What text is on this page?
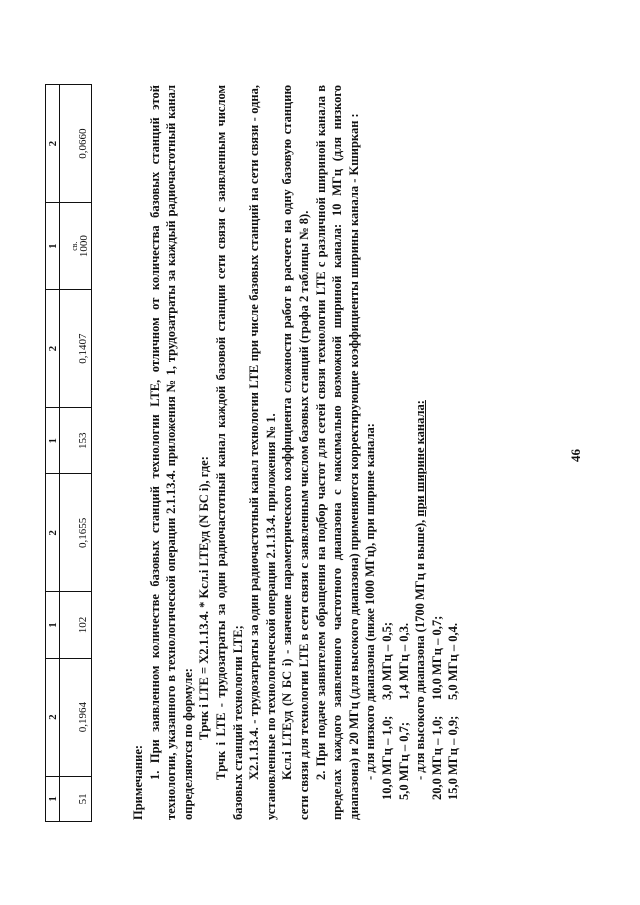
46
1	2	1	2	1	2	1	2
51	0,1964	102	0,1655	153	0,1407	св. 1000	0,0660

Примечание:

1. При заявленном количестве базовых станций технологии LTE, отличном от количества базовых станций этой технологии, указанного в технологической операции 2.1.13.4. приложения № 1, трудозатраты за каждый радиочастотный канал определяются по формуле:

Tрчк i LTE = X2.1.13.4. * Kcл.i LTEуд (N БС i), где: Tрчк i LTE - трудозатраты за один радиочастотный канал каждой базовой станции сети связи с заявленным числом базовых станций технологии LTE; X2.1.13.4. - трудозатраты за один радиочастотный канал технологии LTE при числе базовых станций на сети связи - одна, установленные по технологической операции 2.1.13.4. приложения № 1. Kcл.i LTEуд (N БС i) - значение параметрического коэффициента сложности работ в расчете на одну базовую станцию сети связи для технологии LTE в сети связи с заявленным числом базовых станций (графа 2 таблицы № 8). 2. При подаче заявителем обращения на подбор частот для сетей связи технологии LTE с различной шириной канала в пределах каждого заявленного частотного диапазона с максимально возможной шириной канала: 10 МГц (для низкого диапазона) и 20 МГц (для высокого диапазона) применяются корректирующие коэффициенты ширины канала - Kширкан : - для низкого диапазона (ниже 1000 МГц), при ширине канала: 10,0 МГц – 1,0;
3,0 МГц – 0,5;
5,0 МГц – 0,7;
1,4 МГц – 0,3. - для высокого диапазона (1700 МГц и выше), при ширине канала:

20,0 МГц – 1,0;
10,0 МГц – 0,7;
15,0 МГц – 0,9;
5,0 МГц – 0,4.
